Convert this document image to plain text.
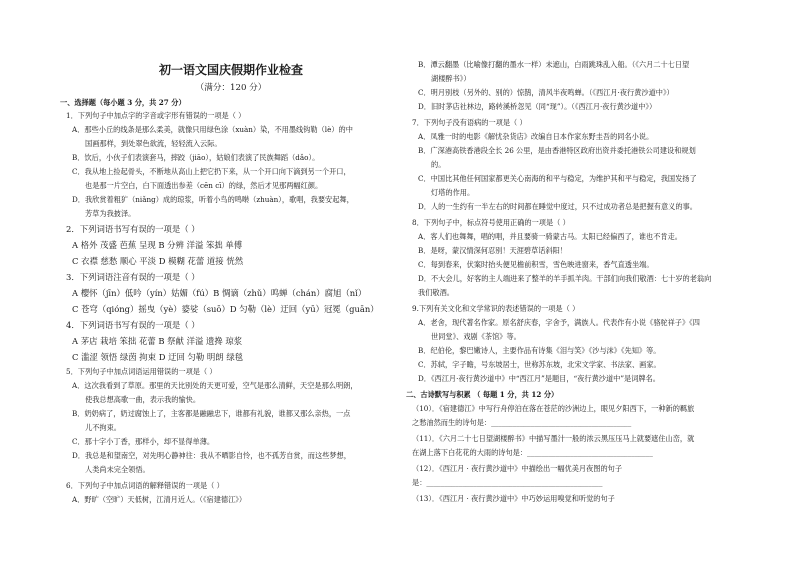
初一语文国庆假期作业检查
（满分：120 分）
一、选择题（每小题 3 分，共 27 分）
1．下列句子中加点字的字音或字形有错误的一项是（ ）
A．那些小丘的线条是那么柔美，就像只用绿色涂（xuàn）染，不用墨线钩勒（lè）的中
国画那样，到处翠色欲流，轻轻流入云际。
B．饮后，小伙子们表演套马，摔跤（jiāo），姑娘们表演了民族舞蹈（dǎo）。
C．我从地上捡起骨头，不断地从高山上把它扔下来，从一个开口向下滴到另一个开口，
也是那一片空白，白下面透出参差（cēn cī）的绿，然后才见那两幅红颜。
D．我欣赏着粗犷（niǎng）成的琼浆，听着小鸟的鸣啭（zhuàn），歌唱，我要安起舞，
芳草为我披泽。
2．下列词语书写有误的一项是（ ）
A 格外 茂盛 芭蕉 呈现 B 分辨 洋溢 笨拙 单傅
C 衣襟 慈愁 顺心 平淡 D 模糊 花蕾 道接 恍然
3．下列词语注音有误的一项是（ ）
A 樱怀（jīn）低吟（yín）姑媚（fú）B 惆谪（zhǔ）鸣蝉（chán）腐旭（nǐ）
C 苍穹（qióng）摇曳（yè）婆娑（suō）D 匀勒（lè）迂回（yū）冠冕（guān）
4．下列词语书写有误的一项是（ ）
A 茅店 栽培 笨拙 花蕾 B 祭献 洋溢 遗搀 琼浆
C 滥涩 领悟 绿茵 拘束 D 迂回 匀勒 明朗 绿毯
5．下列句子中加点词语运用错误的一项是（ ）
A．这次我看到了草原。那里的天比别处的天更可爱，空气是那么清鲜，天空是那么明朗，
使我总想高歌一曲，表示我的愉快。
B．奶奶病了，奶过腐蚀上了，主客都是融融忠下，谁都有礼貌，谁都又那么亲热，一点
儿不拘束。
C．那十字小丁香，那样小，却不显得单薄。
D．我总是和望南空，对先明心静神往：我从不晒影自怜，也不孤芳自赏，而这些梦想，
人类尚未完全领悟。
6．下列句子中加点词语的解释错误的一项是（ ）
A．野旷（空旷）天低树，江清月近人。（《宿建德江》）
B．潭云翻墨（比喻像打翻的墨水一样）未遮山，白雨跳珠乱入船。（《六月二十七日望
湖楼醉书》）
C．明月别枝（另外的、别的）惊鹊，清风半夜鸣蝉。（《西江月·夜行黄沙道中》）
D．旧时茅店社林边，路转溪桥忽见（同“现”）。（《西江月·夜行黄沙道中》）
7．下列句子没有语病的一项是（ ）
A．凤雅一时的电影《解忧杂货店》改编自日本作家东野圭吾的同名小说。
B．广深港高铁香港段全长 26 公里，是由香港特区政府出资并委托港铁公司建设和规划
的。
C．中国比其他任何国家都更关心南海的和平与稳定，为维护其和平与稳定，我国发扬了
灯塔的作用。
D．人的一生约有一半左右的时间都在睡觉中度过，只不过成功者总是把握有意义的事。
8．下列句子中，标点符号使用正确的一项是（ ）
A．客人们也舞舞，唱的唱，并且要骑一骑蒙古马。太阳已经偏西了，谁也不肯走。
B．是呀，蒙汉情深何忍别！天涯碧草话斜阳！
C．每到春来，伏案时抬头便见檐前积雪，雪色映进窗来，香气直透坐端。
D．不大会儿，好客的主人端进来了整羊的羊手抓羊肉。干部们向我们敬酒：七十岁的老翁向
我们敬酒。
9.下列有关文化和文学常识的表述错误的一项是（ ）
A．老舍，现代著名作家。原名舒庆春，字舍予，满族人。代表作有小说《骆驼祥子》《四
世同堂》、戏剧《茶馆》等。
B．纪伯伦，黎巴嫩诗人，主要作品有诗集《泪与笑》《沙与沫》《先知》等。
C．苏轼，字子瞻，号东坡居士，世称苏东坡，北宋文学家、书法家、画家。
D．《西江月·夜行黄沙道中》中“西江月”是题目，“夜行黄沙道中”是词牌名。
二、古诗默写与积累 （ 每题 1 分，共 12 分）
（10）．《宿建德江》中写行舟停泊在落在苍茫的沙洲边上，眼见夕阳西下，一种新的羁旅
之愁油然而生的诗句是：_______________________________________
（11）．《六月二十七日望湖楼醉书》中描写墨汁一般的浓云黑压压马上就要遮住山峦，就
在湖上落下白花花的大雨的诗句是：___________________________________
（12）．《西江月 · 夜行黄沙道中》中描绘出一幅优美月夜图的句子
是：_________________________________________________
（13）．《西江月 · 夜行黄沙道中》中巧妙运用嗅觉和听觉的句子
